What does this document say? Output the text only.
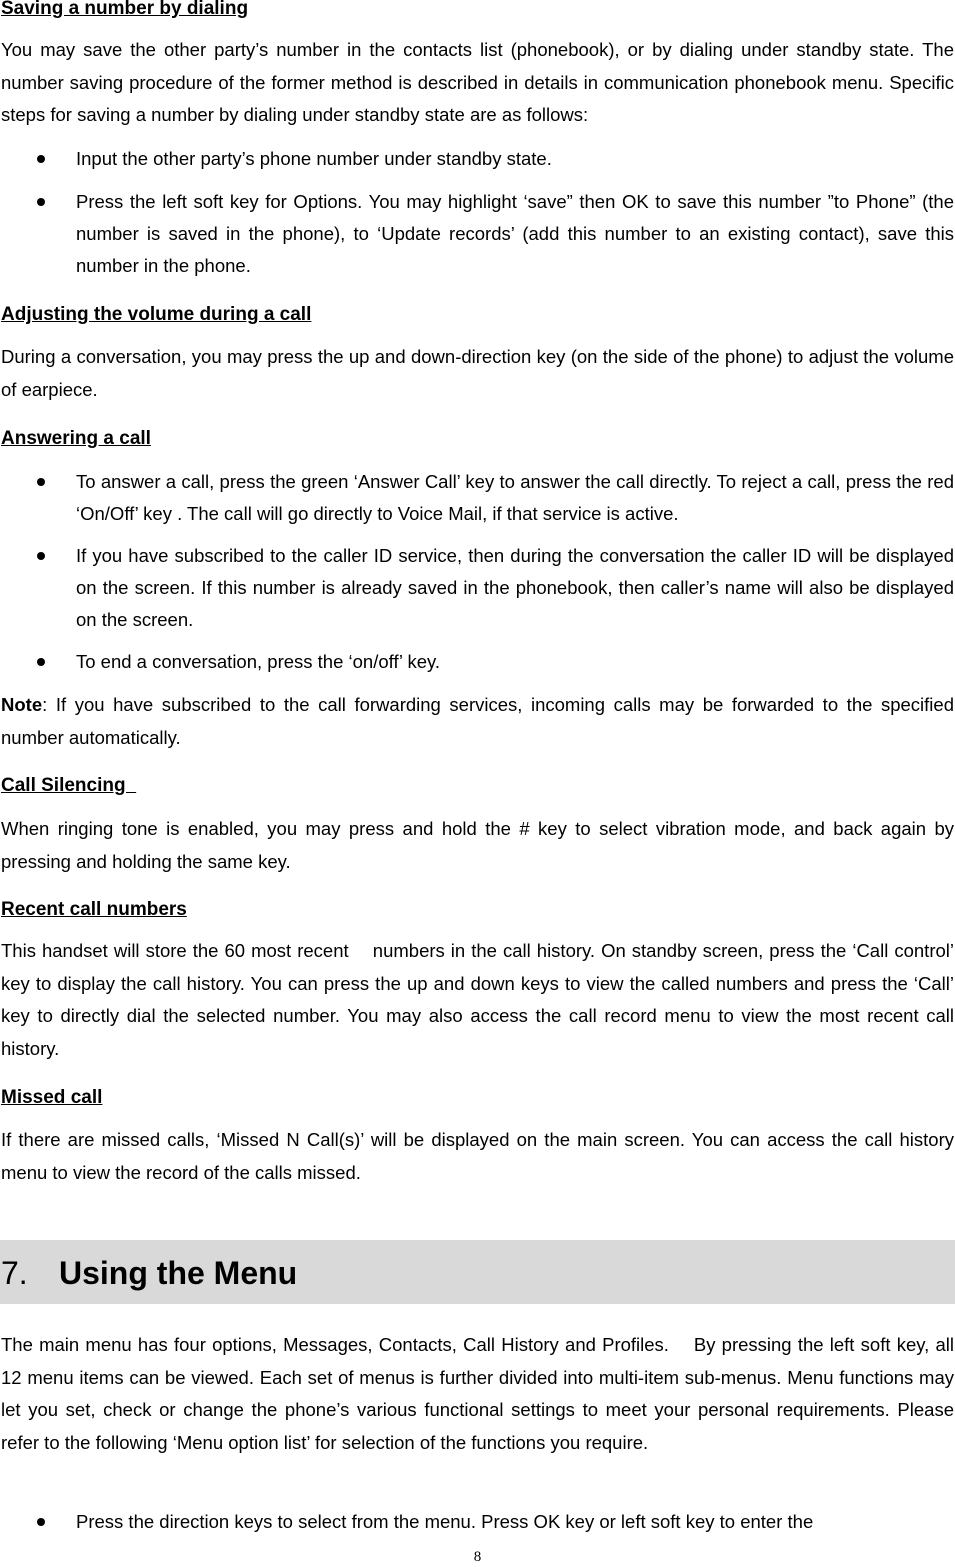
Saving a number by dialing
You may save the other party’s number in the contacts list (phonebook), or by dialing under standby state. The number saving procedure of the former method is described in details in communication phonebook menu. Specific steps for saving a number by dialing under standby state are as follows:
Input the other party’s phone number under standby state.
Press the left soft key for Options. You may highlight ‘save” then OK to save this number ”to Phone” (the number is saved in the phone), to ‘Update records’ (add this number to an existing contact), save this number in the phone.
Adjusting the volume during a call
During a conversation, you may press the up and down-direction key (on the side of the phone) to adjust the volume of earpiece.
Answering a call
To answer a call, press the green ‘Answer Call’ key to answer the call directly. To reject a call, press the red ‘On/Off’ key . The call will go directly to Voice Mail, if that service is active.
If you have subscribed to the caller ID service, then during the conversation the caller ID will be displayed on the screen. If this number is already saved in the phonebook, then caller’s name will also be displayed on the screen.
To end a conversation, press the ‘on/off’ key.
Note: If you have subscribed to the call forwarding services, incoming calls may be forwarded to the specified number automatically.
Call Silencing
When ringing tone is enabled, you may press and hold the # key to select vibration mode, and back again by pressing and holding the same key.
Recent call numbers
This handset will store the 60 most recent    numbers in the call history. On standby screen, press the ‘Call control’ key to display the call history. You can press the up and down keys to view the called numbers and press the ‘Call’ key to directly dial the selected number. You may also access the call record menu to view the most recent call history.
Missed call
If there are missed calls, ‘Missed N Call(s)’ will be displayed on the main screen. You can access the call history menu to view the record of the calls missed.
7. Using the Menu
The main menu has four options, Messages, Contacts, Call History and Profiles.    By pressing the left soft key, all 12 menu items can be viewed. Each set of menus is further divided into multi-item sub-menus. Menu functions may let you set, check or change the phone’s various functional settings to meet your personal requirements. Please refer to the following ‘Menu option list’ for selection of the functions you require.
Press the direction keys to select from the menu. Press OK key or left soft key to enter the
8
